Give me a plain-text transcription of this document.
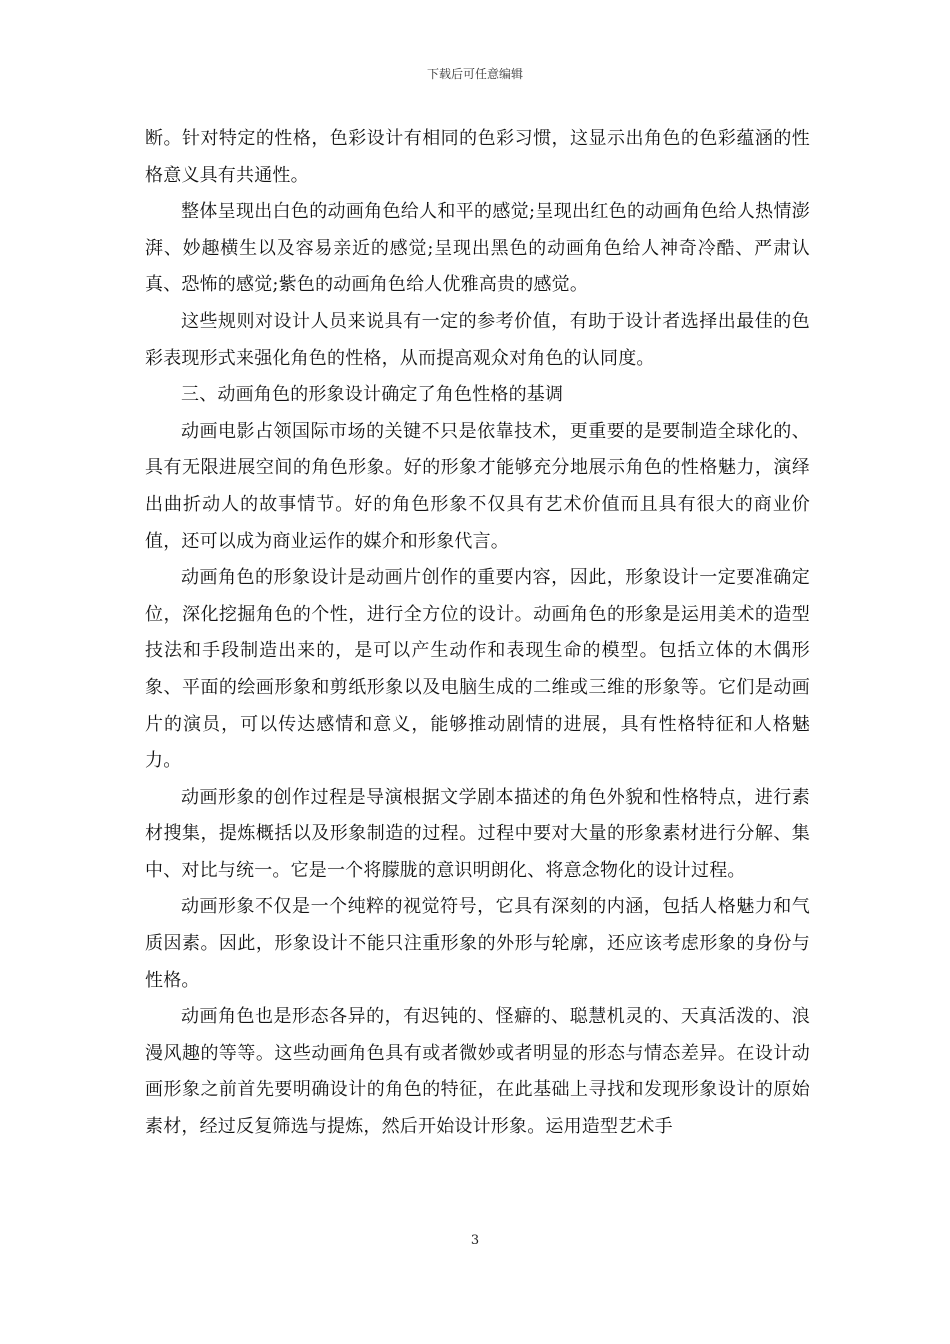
下载后可任意编辑

断。针对特定的性格，色彩设计有相同的色彩习惯，这显示出角色的色彩蕴涵的性格意义具有共通性。

整体呈现出白色的动画角色给人和平的感觉;呈现出红色的动画角色给人热情澎湃、妙趣横生以及容易亲近的感觉;呈现出黑色的动画角色给人神奇冷酷、严肃认真、恐怖的感觉;紫色的动画角色给人优雅高贵的感觉。

这些规则对设计人员来说具有一定的参考价值，有助于设计者选择出最佳的色彩表现形式来强化角色的性格，从而提高观众对角色的认同度。

三、动画角色的形象设计确定了角色性格的基调

动画电影占领国际市场的关键不只是依靠技术，更重要的是要制造全球化的、具有无限进展空间的角色形象。好的形象才能够充分地展示角色的性格魅力，演绎出曲折动人的故事情节。好的角色形象不仅具有艺术价值而且具有很大的商业价值，还可以成为商业运作的媒介和形象代言。

动画角色的形象设计是动画片创作的重要内容，因此，形象设计一定要准确定位，深化挖掘角色的个性，进行全方位的设计。动画角色的形象是运用美术的造型技法和手段制造出来的，是可以产生动作和表现生命的模型。包括立体的木偶形象、平面的绘画形象和剪纸形象以及电脑生成的二维或三维的形象等。它们是动画片的演员，可以传达感情和意义，能够推动剧情的进展，具有性格特征和人格魅力。

动画形象的创作过程是导演根据文学剧本描述的角色外貌和性格特点，进行素材搜集，提炼概括以及形象制造的过程。过程中要对大量的形象素材进行分解、集中、对比与统一。它是一个将朦胧的意识明朗化、将意念物化的设计过程。

动画形象不仅是一个纯粹的视觉符号，它具有深刻的内涵，包括人格魅力和气质因素。因此，形象设计不能只注重形象的外形与轮廓，还应该考虑形象的身份与性格。

动画角色也是形态各异的，有迟钝的、怪癖的、聪慧机灵的、天真活泼的、浪漫风趣的等等。这些动画角色具有或者微妙或者明显的形态与情态差异。在设计动画形象之前首先要明确设计的角色的特征，在此基础上寻找和发现形象设计的原始素材，经过反复筛选与提炼，然后开始设计形象。运用造型艺术手

3
